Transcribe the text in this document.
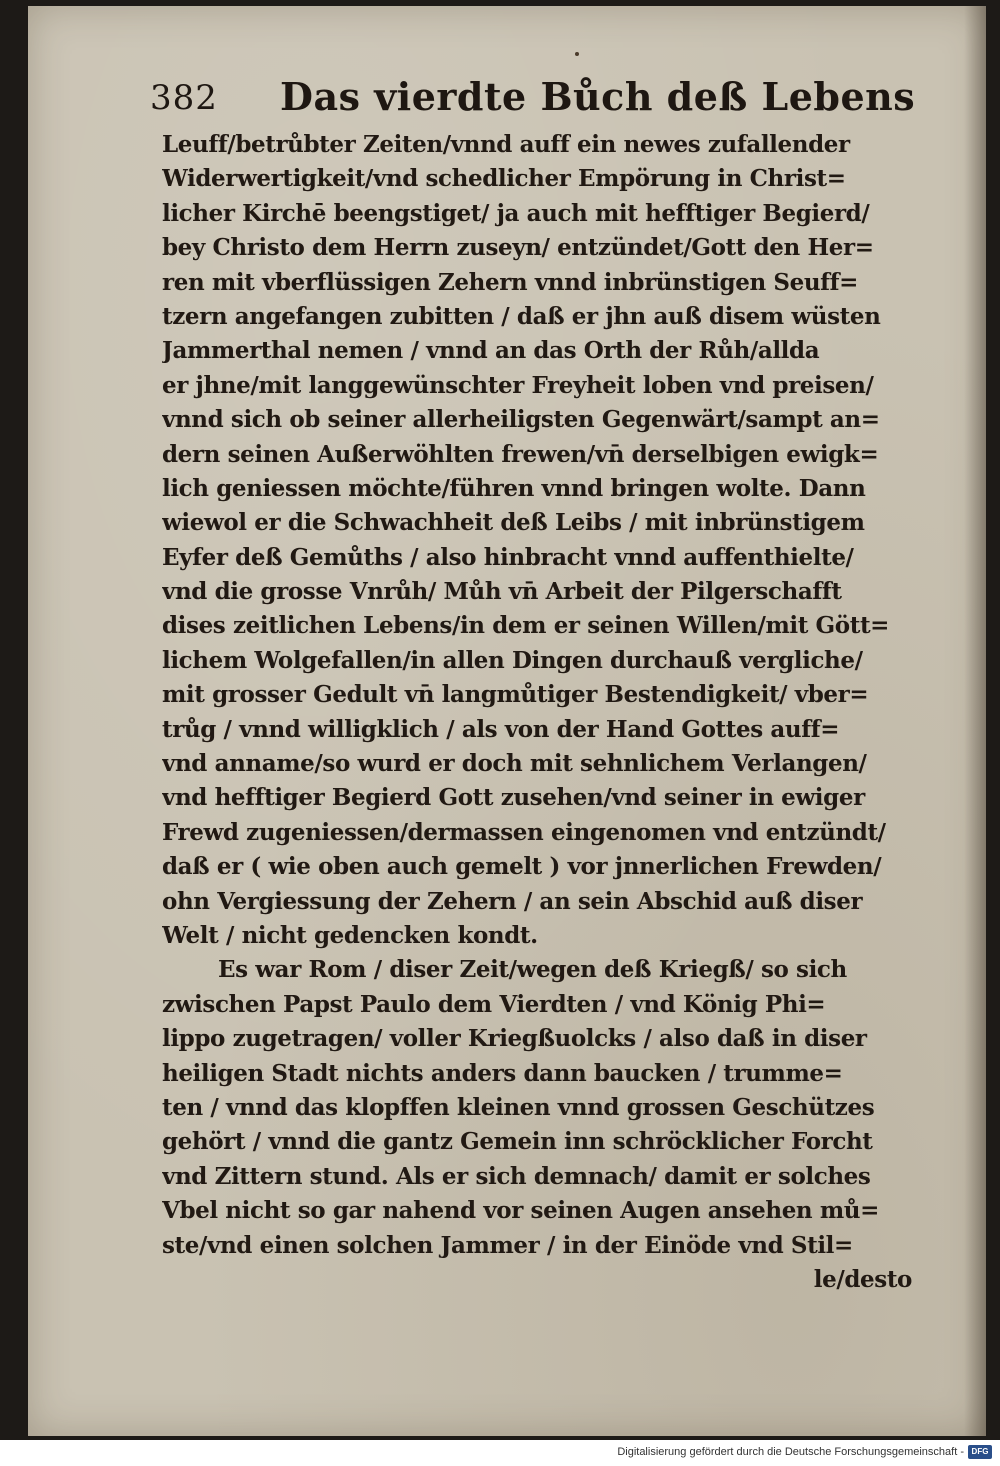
382 Das vierdte Bůch deß Lebens
Leuff/betrůbter Zeiten/vnnd auff ein newes zufallender
Widerwertigkeit/vnd schedlicher Empörung in Christ=
licher Kirchē beengstiget/ ja auch mit hefftiger Begierd/
bey Christo dem Herrn zuseyn/ entzündet/Gott den Her=
ren mit vberflüssigen Zehern vnnd inbrünstigen Seuff=
tzern angefangen zubitten / daß er jhn auß disem wüsten
Jammerthal nemen / vnnd an das Orth der Růh/allda
er jhne/mit langgewünschter Freyheit loben vnd preisen/
vnnd sich ob seiner allerheiligsten Gegenwärt/sampt an=
dern seinen Außerwöhlten frewen/vn̄ derselbigen ewigk=
lich geniessen möchte/führen vnnd bringen wolte. Dann
wiewol er die Schwachheit deß Leibs / mit inbrünstigem
Eyfer deß Gemůths / also hinbracht vnnd auffenthielte/
vnd die grosse Vnrůh/ Můh vn̄ Arbeit der Pilgerschafft
dises zeitlichen Lebens/in dem er seinen Willen/mit Gött=
lichem Wolgefallen/in allen Dingen durchauß vergliche/
mit grosser Gedult vn̄ langmůtiger Bestendigkeit/ vber=
trůg / vnnd willigklich / als von der Hand Gottes auff=
vnd anname/so wurd er doch mit sehnlichem Verlangen/
vnd hefftiger Begierd Gott zusehen/vnd seiner in ewiger
Frewd zugeniessen/dermassen eingenomen vnd entzündt/
daß er ( wie oben auch gemelt ) vor jnnerlichen Frewden/
ohn Vergiessung der Zehern / an sein Abschid auß diser
Welt / nicht gedencken kondt.
Es war Rom / diser Zeit/wegen deß Kriegß/ so sich
zwischen Papst Paulo dem Vierdten / vnd König Phi=
lippo zugetragen/ voller Kriegßuolcks / also daß in diser
heiligen Stadt nichts anders dann baucken / trumme=
ten / vnnd das klopffen kleinen vnnd grossen Geschützes
gehört / vnnd die gantz Gemein inn schröcklicher Forcht
vnd Zittern stund. Als er sich demnach/ damit er solches
Vbel nicht so gar nahend vor seinen Augen ansehen mů=
ste/vnd einen solchen Jammer / in der Einöde vnd Stil=
le/desto
Digitalisierung gefördert durch die Deutsche Forschungsgemeinschaft - DFG
